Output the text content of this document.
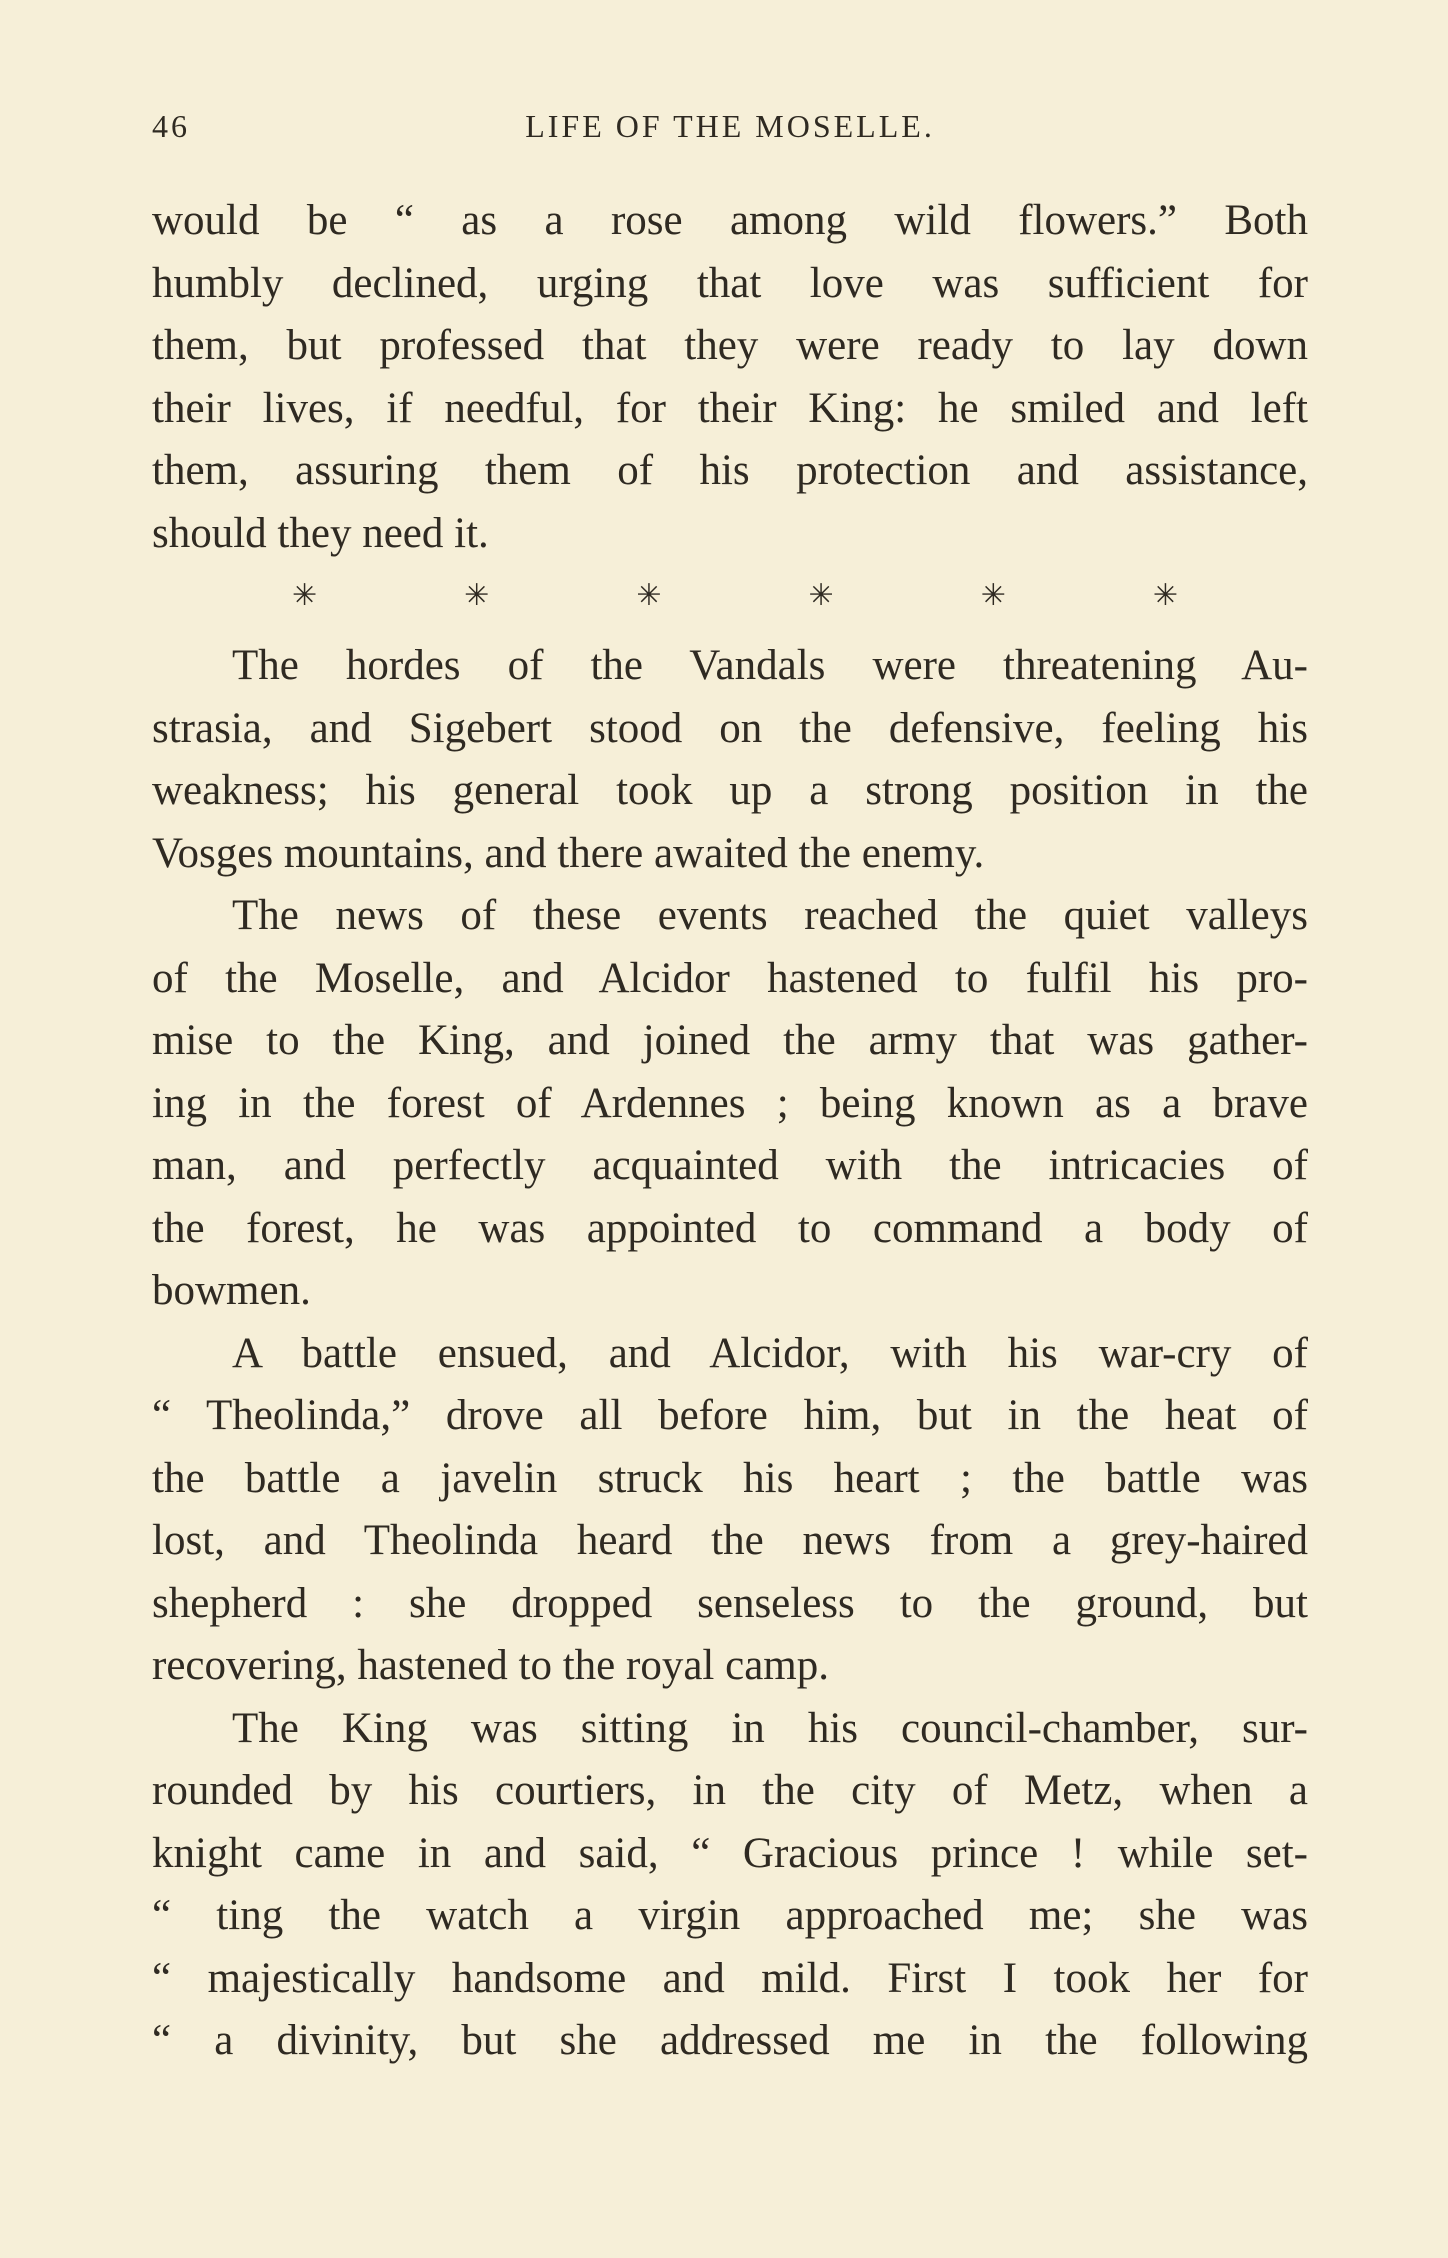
46	LIFE OF THE MOSELLE.

would be “ as a rose among wild flowers.” Both

humbly declined, urging that love was sufficient for

them, but professed that they were ready to lay down

their lives, if needful, for their King: he smiled and left

them, assuring them of his protection and assistance,

should they need it.

✳	✳	✳	✳	✳	✳

The hordes of the Vandals were threatening Au-

strasia, and Sigebert stood on the defensive, feeling his

weakness; his general took up a strong position in the

Vosges mountains, and there awaited the enemy.

The news of these events reached the quiet valleys

of the Moselle, and Alcidor hastened to fulfil his pro-

mise to the King, and joined the army that was gather-

ing in the forest of Ardennes ; being known as a brave

man, and perfectly acquainted with the intricacies of

the forest, he was appointed to command a body of

bowmen.

A battle ensued, and Alcidor, with his war-cry of

“ Theolinda,” drove all before him, but in the heat of

the battle a javelin struck his heart ; the battle was

lost, and Theolinda heard the news from a grey-haired

shepherd : she dropped senseless to the ground, but

recovering, hastened to the royal camp.

The King was sitting in his council-chamber, sur-

rounded by his courtiers, in the city of Metz, when a

knight came in and said, “ Gracious prince ! while set-

“ ting the watch a virgin approached me; she was

“ majestically handsome and mild. First I took her for

“ a divinity, but she addressed me in the following
